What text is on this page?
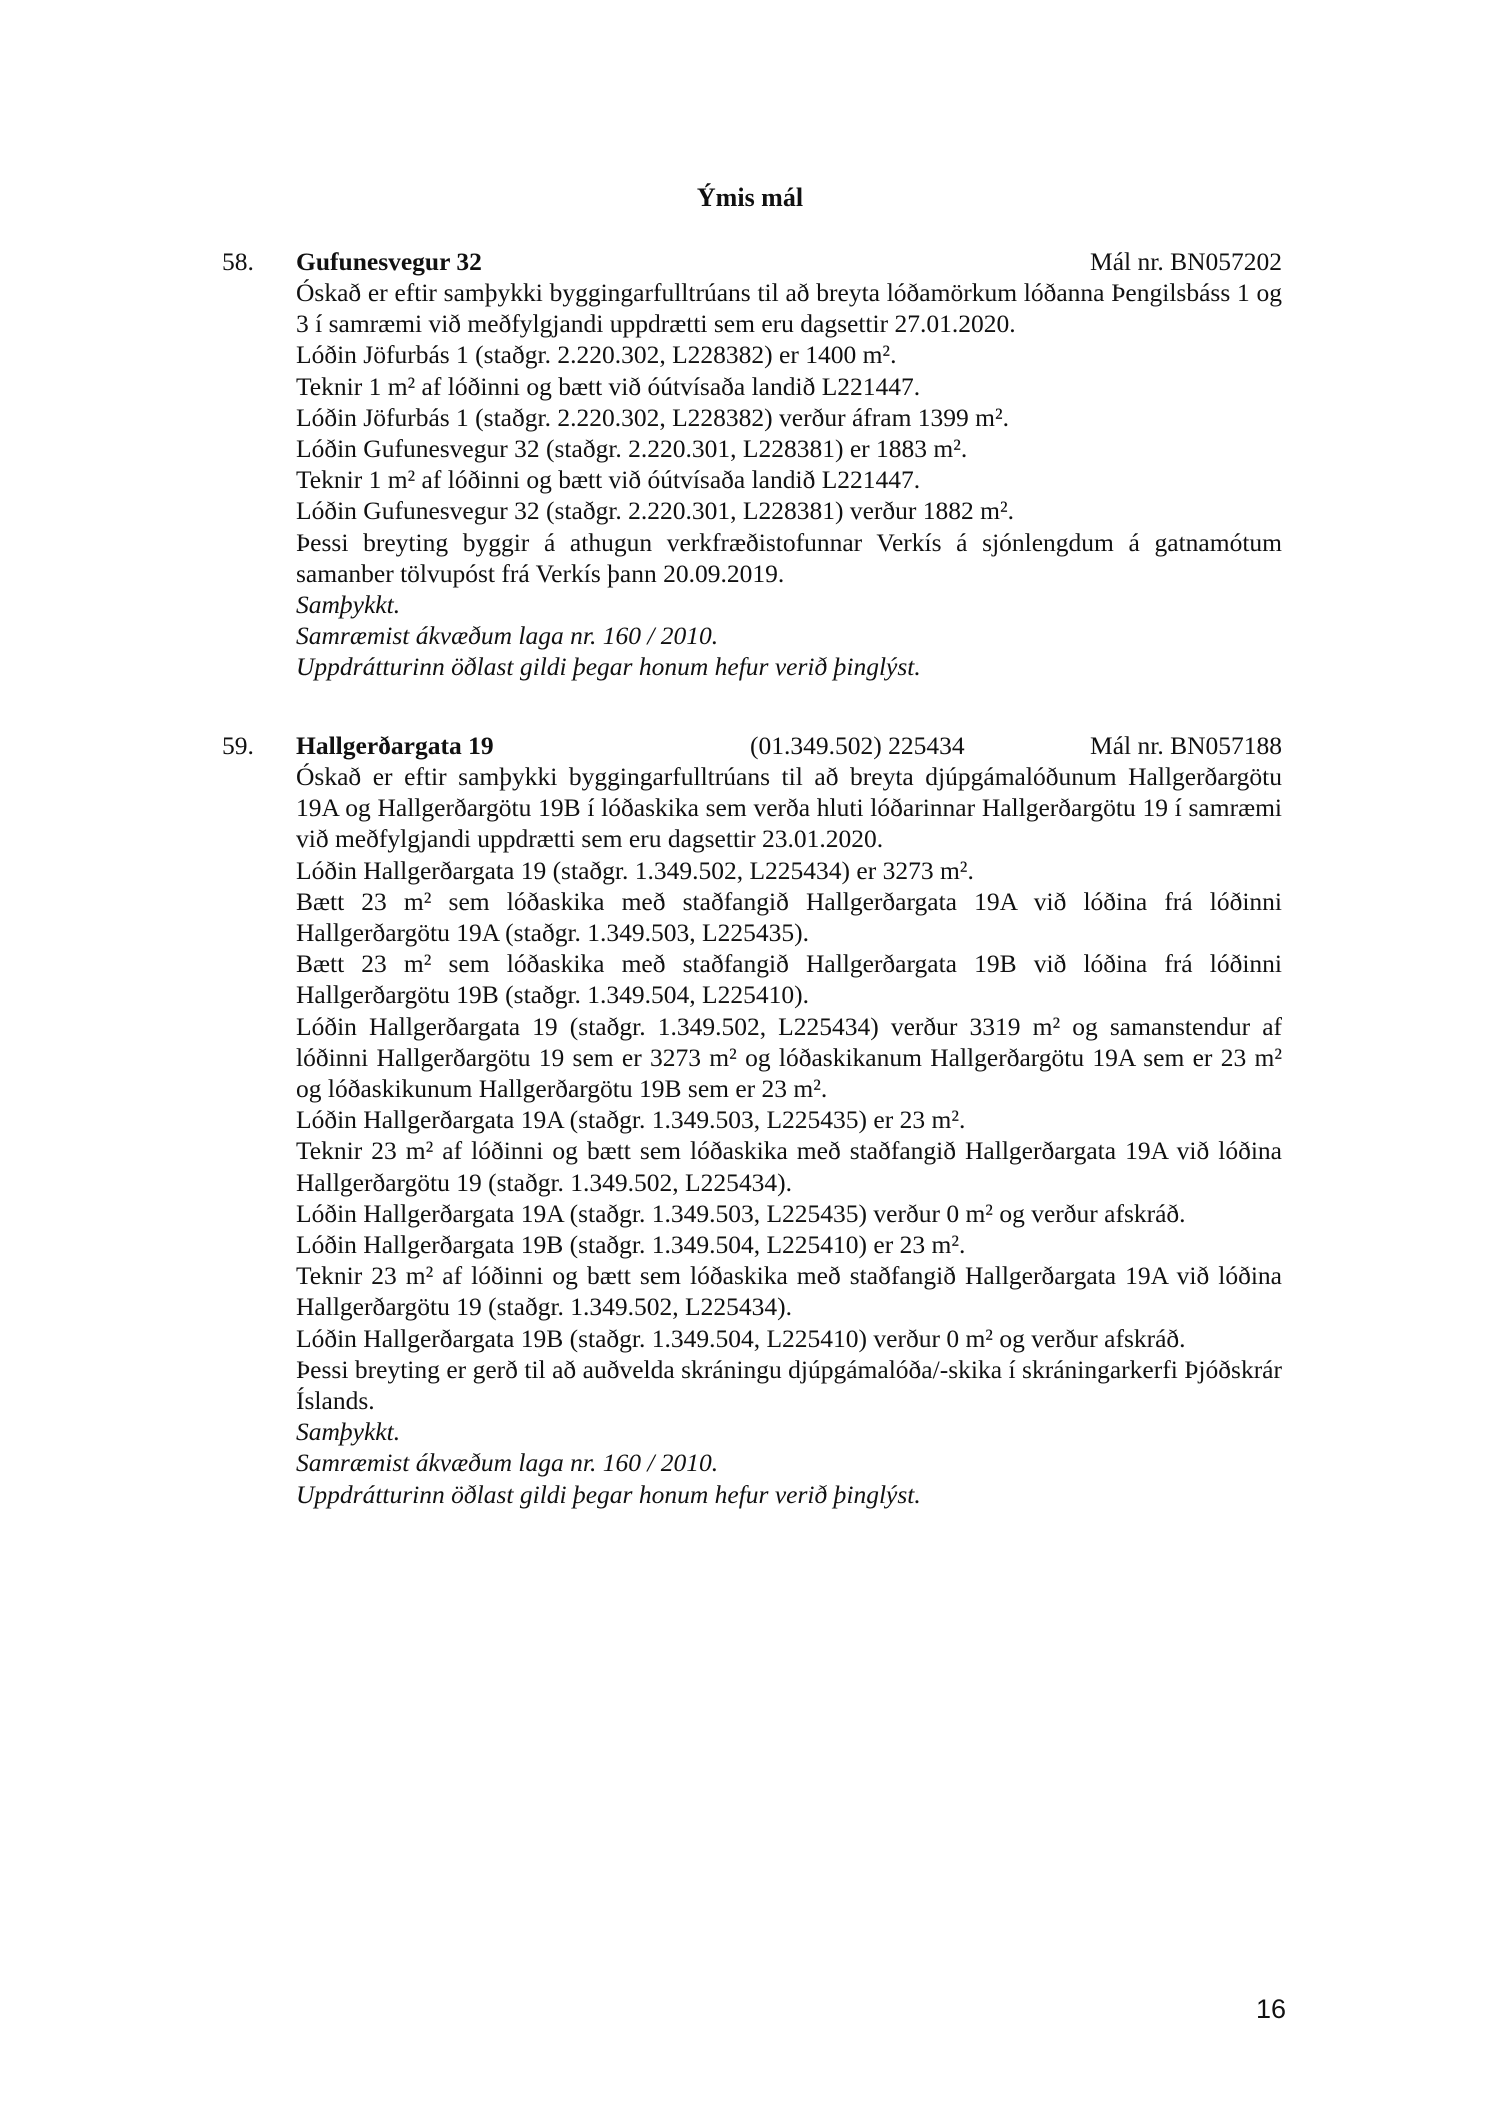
Ýmis mál
58. Gufunesvegur 32	Mál nr. BN057202
Óskað er eftir samþykki byggingarfulltrúans til að breyta lóðamörkum lóðanna Þengilsbáss 1 og 3 í samræmi við meðfylgjandi uppdrætti sem eru dagsettir 27.01.2020.
Lóðin Jöfurbás 1 (staðgr. 2.220.302, L228382) er 1400 m².
Teknir 1 m² af lóðinni og bætt við óútvísaða landið L221447.
Lóðin Jöfurbás 1 (staðgr. 2.220.302, L228382) verður áfram 1399 m².
Lóðin Gufunesvegur 32 (staðgr. 2.220.301, L228381) er 1883 m².
Teknir 1 m² af lóðinni og bætt við óútvísaða landið L221447.
Lóðin Gufunesvegur 32 (staðgr. 2.220.301, L228381) verður 1882 m².
Þessi breyting byggir á athugun verkfræðistofunnar Verkís á sjónlengdum á gatnamótum samanber tölvupóst frá Verkís þann 20.09.2019.
Samþykkt.
Samræmist ákvæðum laga nr. 160 / 2010.
Uppdrátturinn öðlast gildi þegar honum hefur verið þinglýst.
59. Hallgerðargata 19	(01.349.502) 225434	Mál nr. BN057188
Óskað er eftir samþykki byggingarfulltrúans til að breyta djúpgámalóðunum Hallgerðargötu 19A og Hallgerðargötu 19B í lóðaskika sem verða hluti lóðarinnar Hallgerðargötu 19 í samræmi við meðfylgjandi uppdrætti sem eru dagsettir 23.01.2020.
Lóðin Hallgerðargata 19 (staðgr. 1.349.502, L225434) er 3273 m².
Bætt 23 m² sem lóðaskika með staðfangið Hallgerðargata 19A við lóðina frá lóðinni Hallgerðargötu 19A (staðgr. 1.349.503, L225435).
Bætt 23 m² sem lóðaskika með staðfangið Hallgerðargata 19B við lóðina frá lóðinni Hallgerðargötu 19B (staðgr. 1.349.504, L225410).
Lóðin Hallgerðargata 19 (staðgr. 1.349.502, L225434) verður 3319 m² og samanstendur af lóðinni Hallgerðargötu 19 sem er 3273 m² og lóðaskikanum Hallgerðargötu 19A sem er 23 m² og lóðaskikunum Hallgerðargötu 19B sem er 23 m².
Lóðin Hallgerðargata 19A (staðgr. 1.349.503, L225435) er 23 m².
Teknir 23 m² af lóðinni og bætt sem lóðaskika með staðfangið Hallgerðargata 19A við lóðina Hallgerðargötu 19 (staðgr. 1.349.502, L225434).
Lóðin Hallgerðargata 19A (staðgr. 1.349.503, L225435) verður 0 m² og verður afskráð.
Lóðin Hallgerðargata 19B (staðgr. 1.349.504, L225410) er 23 m².
Teknir 23 m² af lóðinni og bætt sem lóðaskika með staðfangið Hallgerðargata 19A við lóðina Hallgerðargötu 19 (staðgr. 1.349.502, L225434).
Lóðin Hallgerðargata 19B (staðgr. 1.349.504, L225410) verður 0 m² og verður afskráð.
Þessi breyting er gerð til að auðvelda skráningu djúpgámalóða/-skika í skráningarkerfi Þjóðskrár Íslands.
Samþykkt.
Samræmist ákvæðum laga nr. 160 / 2010.
Uppdrátturinn öðlast gildi þegar honum hefur verið þinglýst.
16
